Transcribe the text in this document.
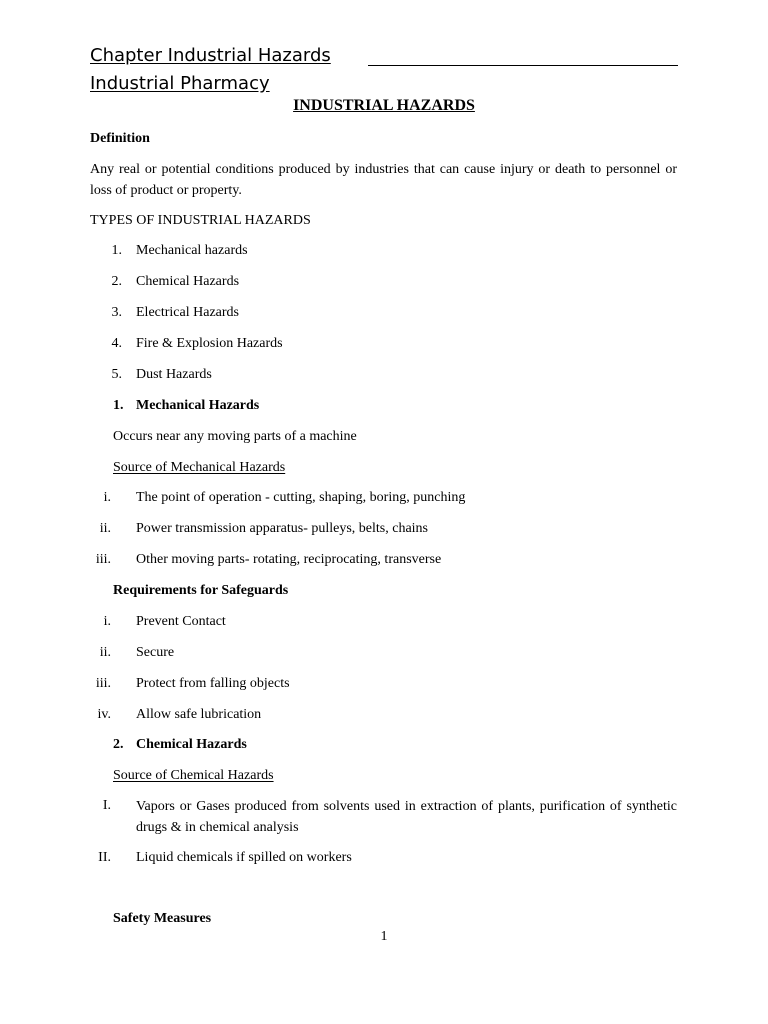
Chapter Industrial Hazards
Industrial Pharmacy
INDUSTRIAL HAZARDS
Definition
Any real or potential conditions produced by industries that can cause injury or death to personnel or loss of product or property.
TYPES OF INDUSTRIAL HAZARDS
1. Mechanical hazards
2. Chemical Hazards
3. Electrical Hazards
4. Fire & Explosion Hazards
5. Dust Hazards
1. Mechanical Hazards
Occurs near any moving parts of a machine
Source of Mechanical Hazards
i. The point of operation - cutting, shaping, boring, punching
ii. Power transmission apparatus- pulleys, belts, chains
iii. Other moving parts- rotating, reciprocating, transverse
Requirements for Safeguards
i. Prevent Contact
ii. Secure
iii. Protect from falling objects
iv. Allow safe lubrication
2. Chemical Hazards
Source of Chemical Hazards
I. Vapors or Gases produced from solvents used in extraction of plants, purification of synthetic drugs & in chemical analysis
II. Liquid chemicals if spilled on workers
Safety Measures
1
